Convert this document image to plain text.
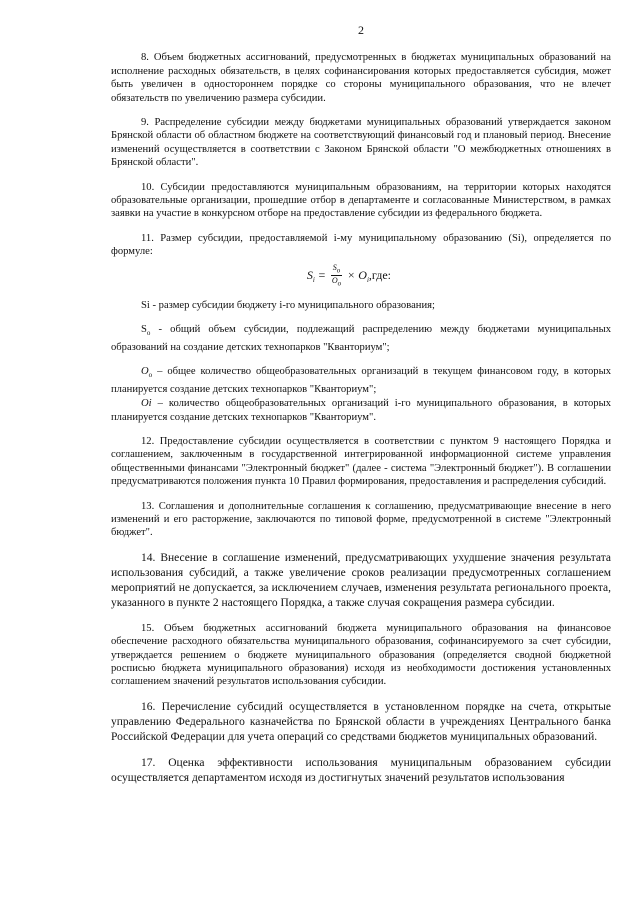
2

8. Объем бюджетных ассигнований, предусмотренных в бюджетах муниципальных образований на исполнение расходных обязательств, в целях софинансирования которых предоставляется субсидия, может быть увеличен в одностороннем порядке со стороны муниципального образования, что не влечет обязательств по увеличению размера субсидии.

9. Распределение субсидии между бюджетами муниципальных образований утверждается законом Брянской области об областном бюджете на соответствующий финансовый год и плановый период. Внесение изменений осуществляется в соответствии с Законом Брянской области "О межбюджетных отношениях в Брянской области".

10. Субсидии предоставляются муниципальным образованиям, на территории которых находятся образовательные организации, прошедшие отбор в департаменте и согласованные Министерством, в рамках заявки на участие в конкурсном отборе на предоставление субсидии из федерального бюджета.

11. Размер субсидии, предоставляемой i-му муниципальному образованию (Si), определяется по формуле:

$S_i = \frac{S_o}{O_o} \times O_i,где$:

Si - размер субсидии бюджету i-го муниципального образования;

$S_o$ - общий объем субсидии, подлежащий распределению между бюджетами муниципальных образований на создание детских технопарков "Кванториум";

$O_o$ – общее количество общеобразовательных организаций в текущем финансовом году, в которых планируется создание детских технопарков "Кванториум";

Oi – количество общеобразовательных организаций i-го муниципального образования, в которых планируется создание детских технопарков "Кванториум".

12. Предоставление субсидии осуществляется в соответствии с пунктом 9 настоящего Порядка и соглашением, заключенным в государственной интегрированной информационной системе управления общественными финансами "Электронный бюджет" (далее - система "Электронный бюджет"). В соглашении предусматриваются положения пункта 10 Правил формирования, предоставления и распределения субсидий.

13. Соглашения и дополнительные соглашения к соглашению, предусматривающие внесение в него изменений и его расторжение, заключаются по типовой форме, предусмотренной в системе "Электронный бюджет".

14. Внесение в соглашение изменений, предусматривающих ухудшение значения результата использования субсидий, а также увеличение сроков реализации предусмотренных соглашением мероприятий не допускается, за исключением случаев, изменения результата регионального проекта, указанного в пункте 2 настоящего Порядка, а также случая сокращения размера субсидии.

15. Объем бюджетных ассигнований бюджета муниципального образования на финансовое обеспечение расходного обязательства муниципального образования, софинансируемого за счет субсидии, утверждается решением о бюджете муниципального образования (определяется сводной бюджетной росписью бюджета муниципального образования) исходя из необходимости достижения установленных соглашением значений результатов использования субсидии.

16. Перечисление субсидий осуществляется в установленном порядке на счета, открытые управлению Федерального казначейства по Брянской области в учреждениях Центрального банка Российской Федерации для учета операций со средствами бюджетов муниципальных образований.

17. Оценка эффективности использования муниципальным образованием субсидии осуществляется департаментом исходя из достигнутых значений результатов использования
